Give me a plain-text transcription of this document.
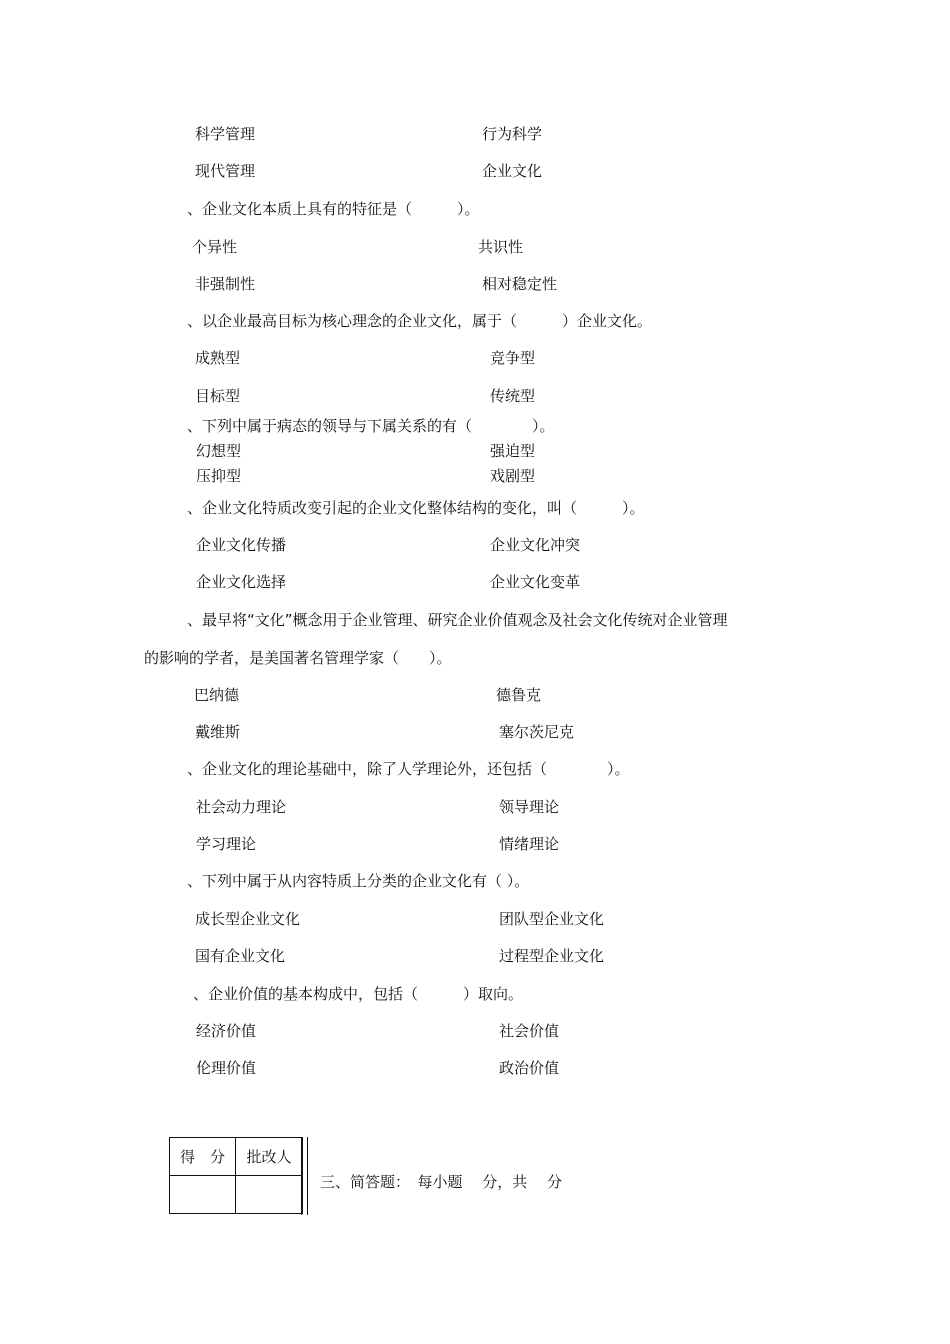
科学管理	行为科学
现代管理	企业文化
、企业文化本质上具有的特征是（　　　）。
个异性	共识性
非强制性	相对稳定性
、以企业最高目标为核心理念的企业文化，属于（　　　）企业文化。
成熟型	竞争型
目标型	传统型
、下列中属于病态的领导与下属关系的有（　　　　）。
幻想型	强迫型
压抑型	戏剧型
、企业文化特质改变引起的企业文化整体结构的变化，叫（　　　）。
企业文化传播	企业文化冲突
企业文化选择	企业文化变革
、最早将“文化”概念用于企业管理、研究企业价值观念及社会文化传统对企业管理
的影响的学者，是美国著名管理学家（　　）。
巴纳德	德鲁克
戴维斯	塞尔茨尼克
、企业文化的理论基础中，除了人学理论外，还包括（　　　　）。
社会动力理论	领导理论
学习理论	情绪理论
、下列中属于从内容特质上分类的企业文化有（ ）。
成长型企业文化	团队型企业文化
国有企业文化	过程型企业文化
、企业价值的基本构成中，包括（　　　）取向。
经济价值	社会价值
伦理价值	政治价值
得　分	批改人

三、简答题：　每小题　 分，共　 分
